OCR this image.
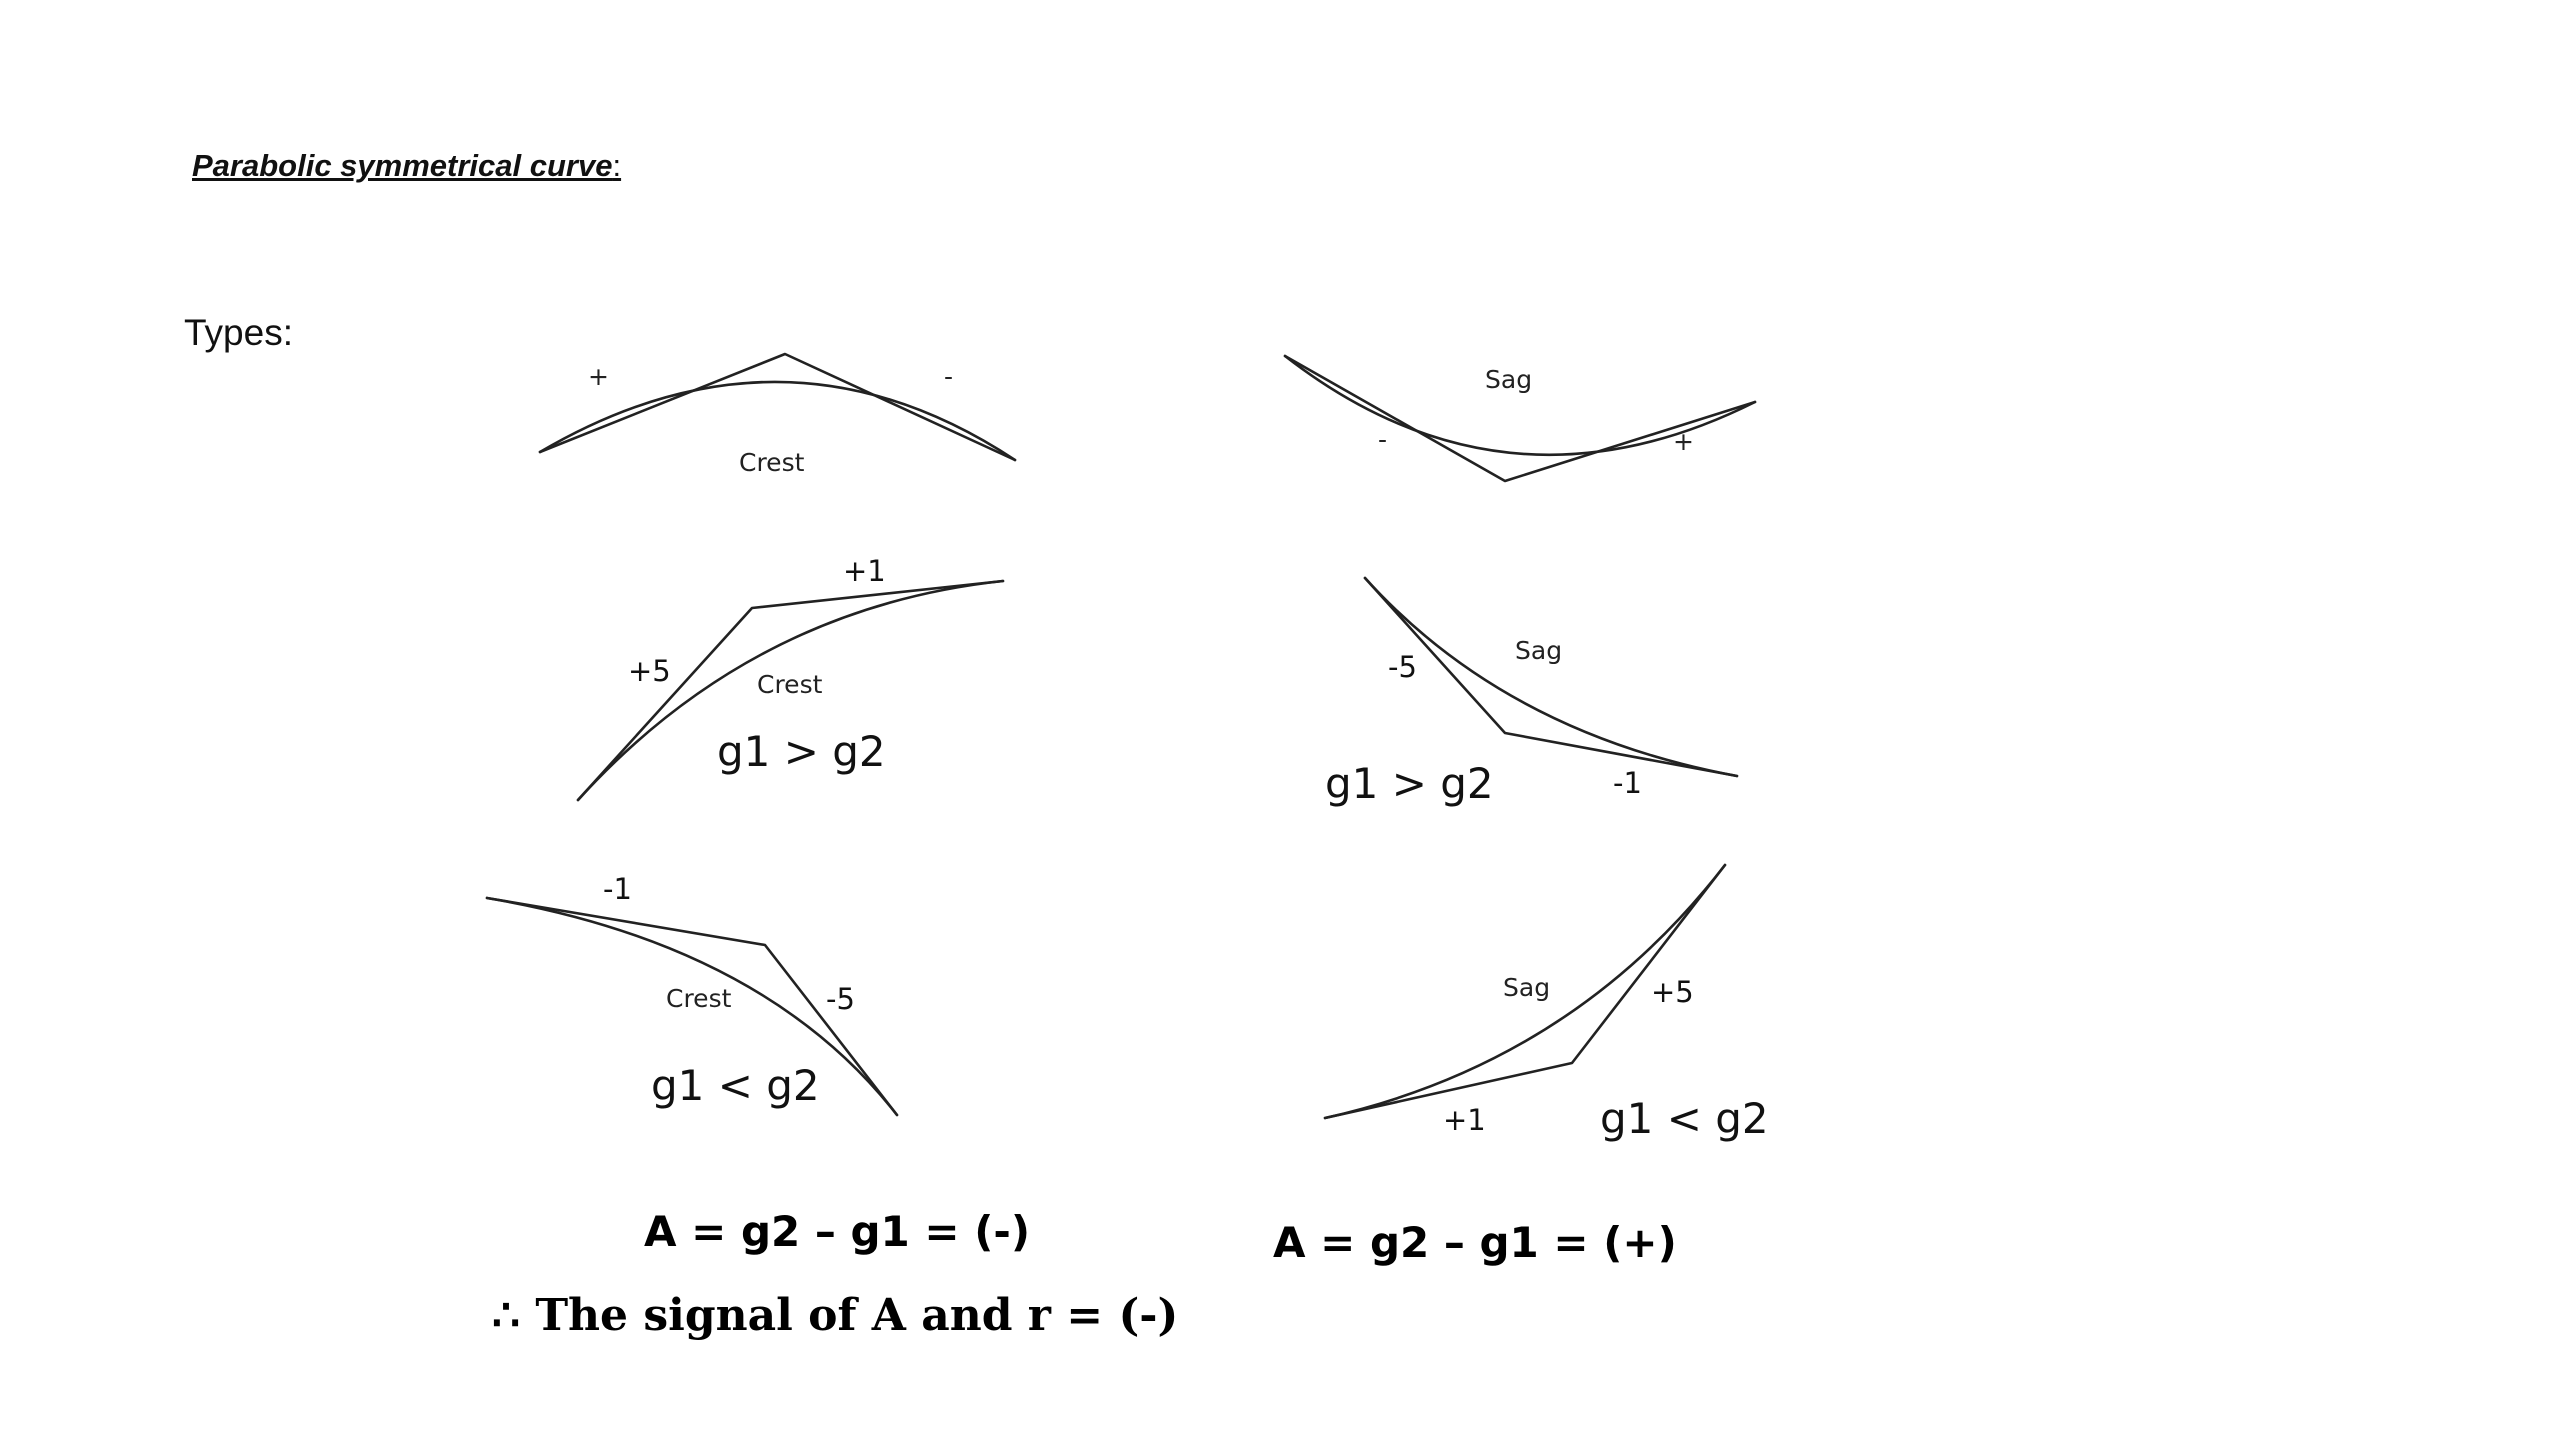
Parabolic symmetrical curve:
Types:
+	-
Crest
Sag
-	+
+5
+1
Crest
g1 > g2
-5	Sag
-1
g1 > g2
-1
Crest	-5
g1 < g2
Sag	+5
+1	g1 < g2
A = g2 – g1 = (-)	A = g2 – g1 = (+)
∴ The signal of A and r = (-)
